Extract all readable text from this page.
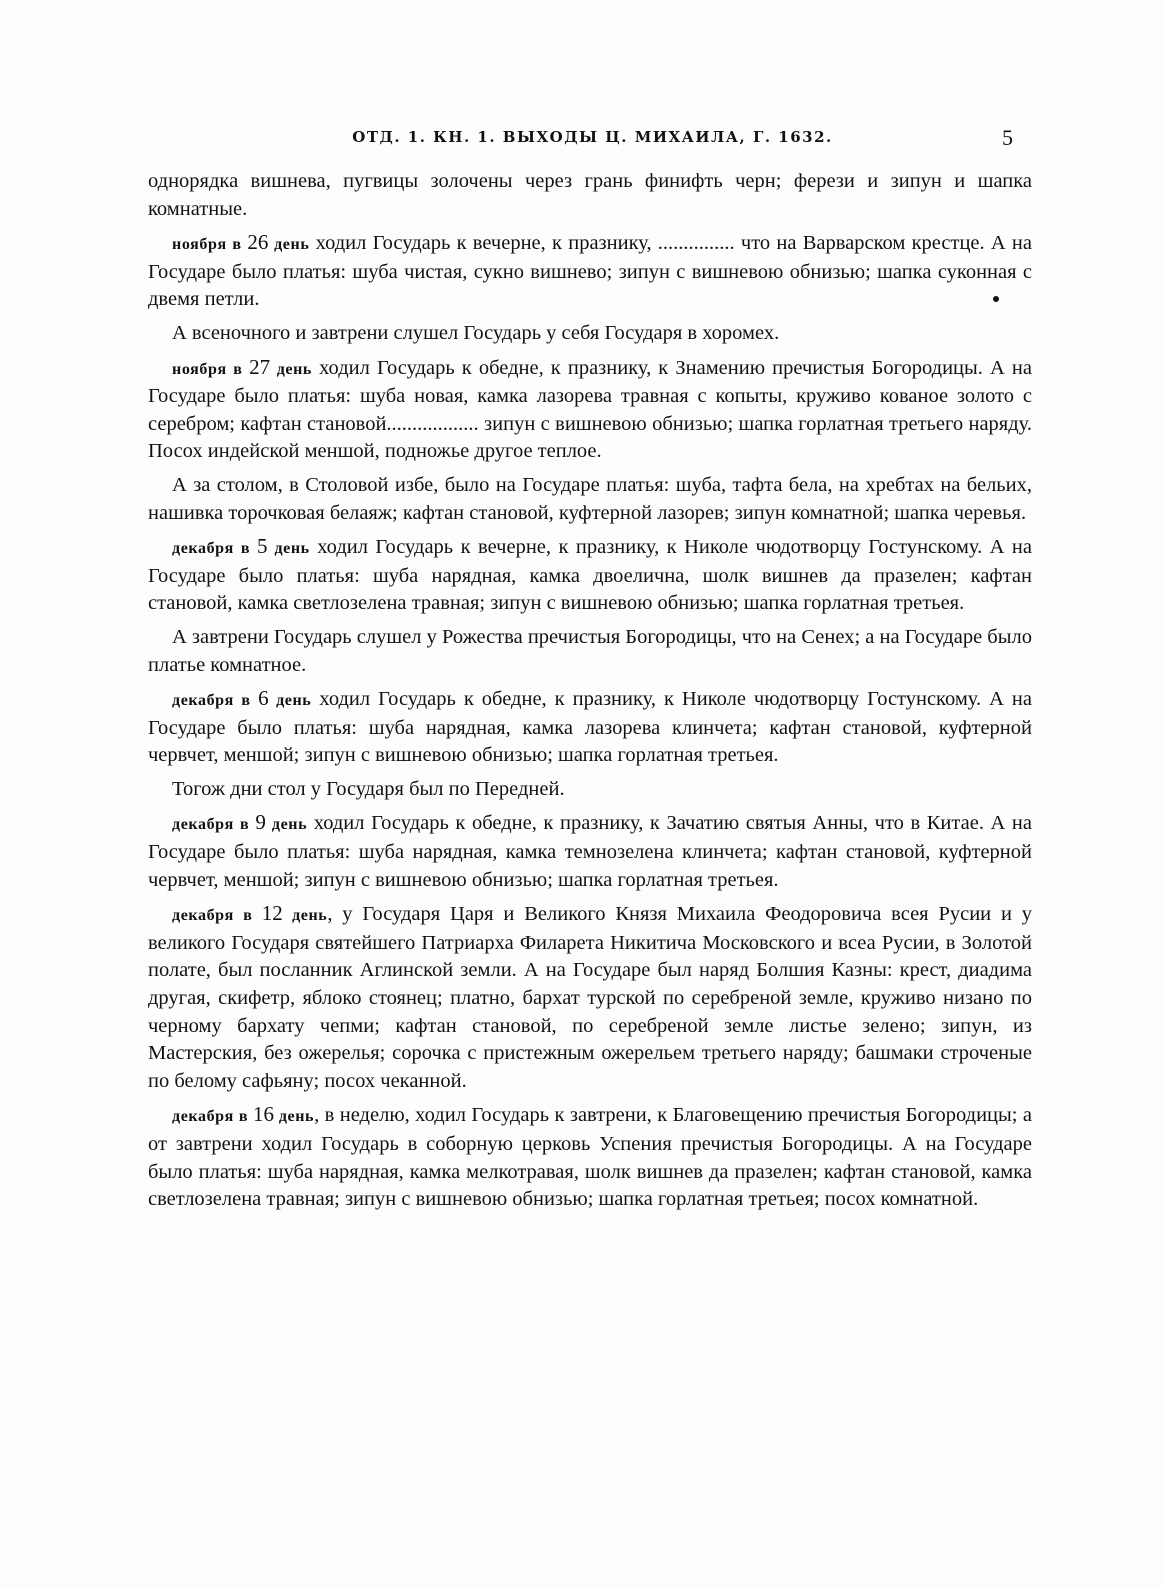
ОТД. 1. КН. 1. ВЫХОДЫ Ц. МИХАИЛА, Г. 1632.	5

однорядка вишнева, пугвицы золочены через грань финифть черн; ферези и зипун и шапка комнатные.

ноября в 26 день ходил Государь к вечерне, к празнику, ............... что на Варварском крестце. А на Государе было платья: шуба чистая, сукно вишнево; зипун с вишневою обнизью; шапка суконная с двемя петли.

А всеночного и завтрени слушел Государь у себя Государя в хоромех.

ноября в 27 день ходил Государь к обедне, к празнику, к Знамению пречистыя Богородицы. А на Государе было платья: шуба новая, камка лазорева травная с копыты, круживо кованое золото с серебром; кафтан становой.................. зипун с вишневою обнизью; шапка горлатная третьего наряду. Посох индейской меншой, подножье другое теплое.

А за столом, в Столовой избе, было на Государе платья: шуба, тафта бела, на хребтах на бельих, нашивка торочковая белаяж; кафтан становой, куфтерной лазорев; зипун комнатной; шапка черевья.

декабря в 5 день ходил Государь к вечерне, к празнику, к Николе чюдотворцу Гостунскому. А на Государе было платья: шуба нарядная, камка двоелична, шолк вишнев да празелен; кафтан становой, камка светлозелена травная; зипун с вишневою обнизью; шапка горлатная третьея.

А завтрени Государь слушел у Рожества пречистыя Богородицы, что на Сенех; а на Государе было платье комнатное.

декабря в 6 день ходил Государь к обедне, к празнику, к Николе чюдотворцу Гостунскому. А на Государе было платья: шуба нарядная, камка лазорева клинчета; кафтан становой, куфтерной червчет, меншой; зипун с вишневою обнизью; шапка горлатная третьея.

Тогож дни стол у Государя был по Передней.

декабря в 9 день ходил Государь к обедне, к празнику, к Зачатию святыя Анны, что в Китае. А на Государе было платья: шуба нарядная, камка темнозелена клинчета; кафтан становой, куфтерной червчет, меншой; зипун с вишневою обнизью; шапка горлатная третьея.

декабря в 12 день, у Государя Царя и Великого Князя Михаила Феодоровича всея Русии и у великого Государя святейшего Патриарха Филарета Никитича Московского и всеа Русии, в Золотой полате, был посланник Аглинской земли. А на Государе был наряд Болшия Казны: крест, диадима другая, скифетр, яблоко стоянец; платно, бархат турской по серебреной земле, круживо низано по черному бархату чепми; кафтан становой, по серебреной земле листье зелено; зипун, из Мастерския, без ожерелья; сорочка с пристежным ожерельем третьего наряду; башмаки строченые по белому сафьяну; посох чеканной.

декабря в 16 день, в неделю, ходил Государь к завтрени, к Благовещению пречистыя Богородицы; а от завтрени ходил Государь в соборную церковь Успения пречистыя Богородицы. А на Государе было платья: шуба нарядная, камка мелкотравая, шолк вишнев да празелен; кафтан становой, камка светлозелена травная; зипун с вишневою обнизью; шапка горлатная третьея; посох комнатной.
